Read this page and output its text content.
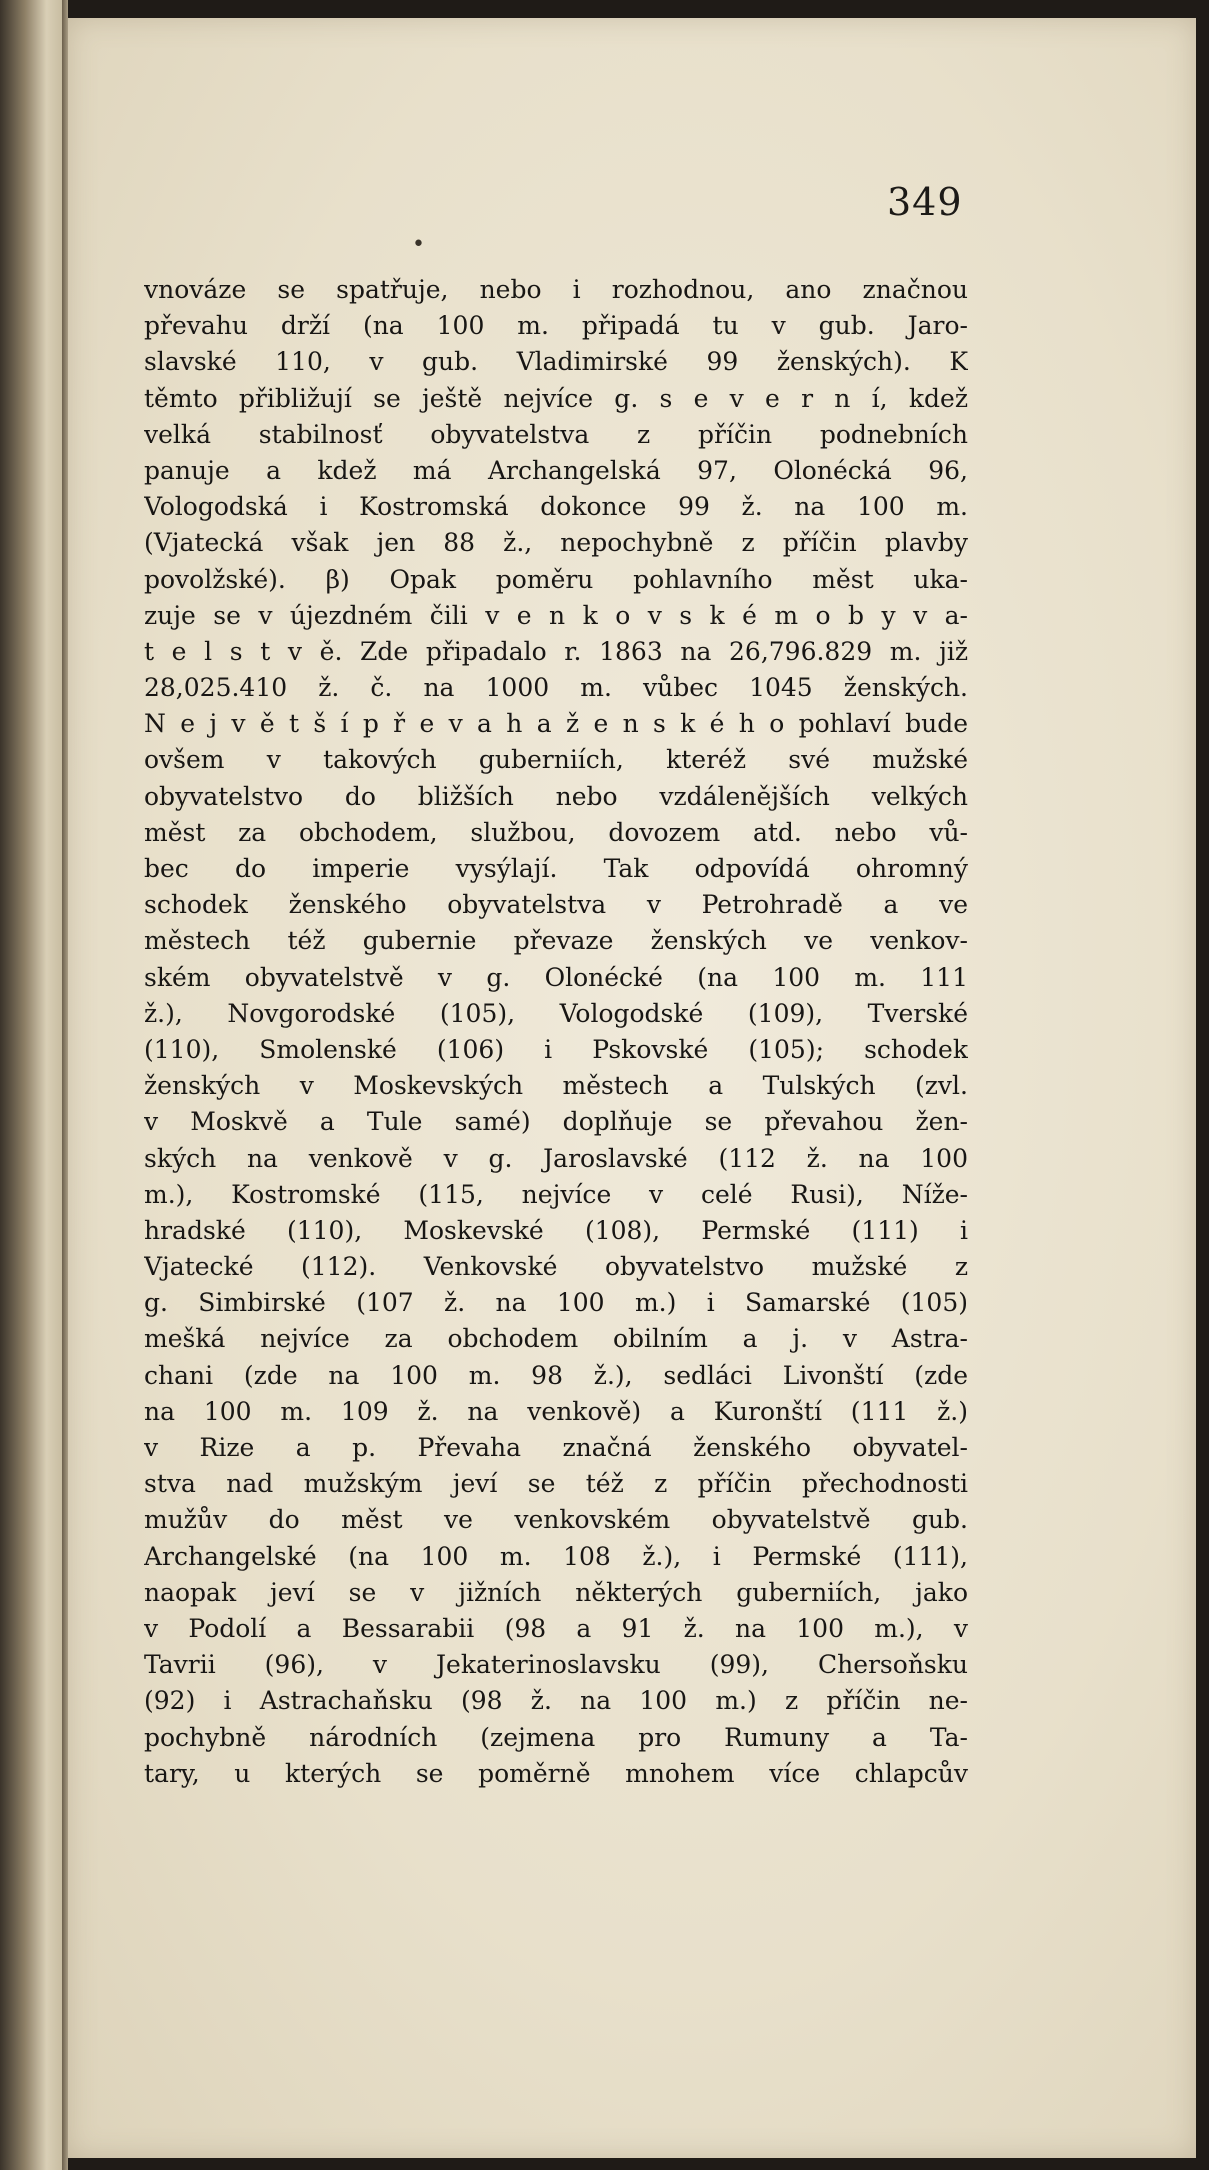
349
•
vnováze se spatřuje, nebo i rozhodnou, ano značnou
převahu drží (na 100 m. připadá tu v gub. Jaro-
slavské 110, v gub. Vladimirské 99 ženských). K
těmto přibližují se ještě nejvíce g. s e v e r n í, kdež
velká stabilnosť obyvatelstva z příčin podnebních
panuje a kdež má Archangelská 97, Olonécká 96,
Vologodská i Kostromská dokonce 99 ž. na 100 m.
(Vjatecká však jen 88 ž., nepochybně z příčin plavby
povolžské). β) Opak poměru pohlavního měst uka-
zuje se v újezdném čili v e n k o v s k é m o b y v a-
t e l s t v ě. Zde připadalo r. 1863 na 26,796.829 m. již
28,025.410 ž. č. na 1000 m. vůbec 1045 ženských.
N e j v ě t š í p ř e v a h a ž e n s k é h o pohlaví bude
ovšem v takových guberniích, kteréž své mužské
obyvatelstvo do bližších nebo vzdálenějších velkých
měst za obchodem, službou, dovozem atd. nebo vů-
bec do imperie vysýlají. Tak odpovídá ohromný
schodek ženského obyvatelstva v Petrohradě a ve
městech též gubernie převaze ženských ve venkov-
ském obyvatelstvě v g. Olonécké (na 100 m. 111
ž.), Novgorodské (105), Vologodské (109), Tverské
(110), Smolenské (106) i Pskovské (105); schodek
ženských v Moskevských městech a Tulských (zvl.
v Moskvě a Tule samé) doplňuje se převahou žen-
ských na venkově v g. Jaroslavské (112 ž. na 100
m.), Kostromské (115, nejvíce v celé Rusi), Níže-
hradské (110), Moskevské (108), Permské (111) i
Vjatecké (112). Venkovské obyvatelstvo mužské z
g. Simbirské (107 ž. na 100 m.) i Samarské (105)
mešká nejvíce za obchodem obilním a j. v Astra-
chani (zde na 100 m. 98 ž.), sedláci Livonští (zde
na 100 m. 109 ž. na venkově) a Kuronští (111 ž.)
v Rize a p. Převaha značná ženského obyvatel-
stva nad mužským jeví se též z příčin přechodnosti
mužův do měst ve venkovském obyvatelstvě gub.
Archangelské (na 100 m. 108 ž.), i Permské (111),
naopak jeví se v jižních některých guberniích, jako
v Podolí a Bessarabii (98 a 91 ž. na 100 m.), v
Tavrii (96), v Jekaterinoslavsku (99), Chersoňsku
(92) i Astrachaňsku (98 ž. na 100 m.) z příčin ne-
pochybně národních (zejmena pro Rumuny a Ta-
tary, u kterých se poměrně mnohem více chlapcův
